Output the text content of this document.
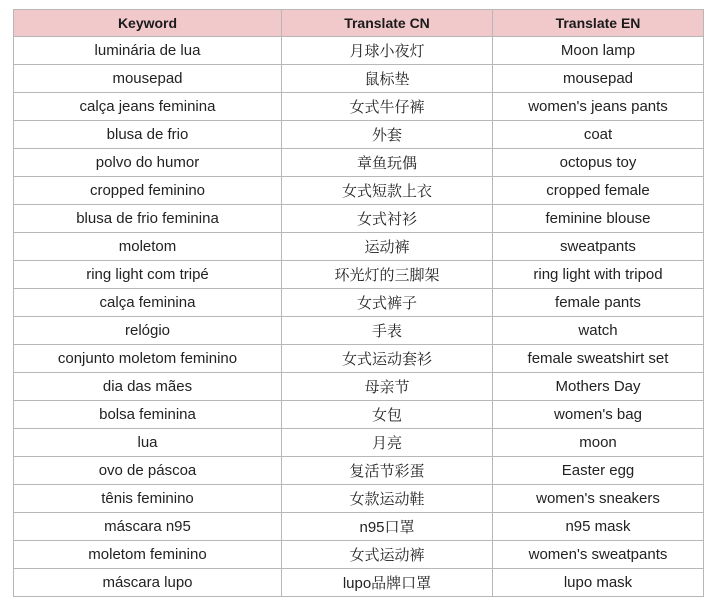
Keyword	Translate CN	Translate EN
luminária de lua	月球小夜灯	Moon lamp
mousepad	鼠标垫	mousepad
calça jeans feminina	女式牛仔裤	women's jeans pants
blusa de frio	外套	coat
polvo do humor	章鱼玩偶	octopus toy
cropped feminino	女式短款上衣	cropped female
blusa de frio feminina	女式衬衫	feminine blouse
moletom	运动裤	sweatpants
ring light com tripé	环光灯的三脚架	ring light with tripod
calça feminina	女式裤子	female pants
relógio	手表	watch
conjunto moletom feminino	女式运动套衫	female sweatshirt set
dia das mães	母亲节	Mothers Day
bolsa feminina	女包	women's bag
lua	月亮	moon
ovo de páscoa	复活节彩蛋	Easter egg
tênis feminino	女款运动鞋	women's sneakers
máscara n95	n95口罩	n95 mask
moletom feminino	女式运动裤	women's sweatpants
máscara lupo	lupo品牌口罩	lupo mask
